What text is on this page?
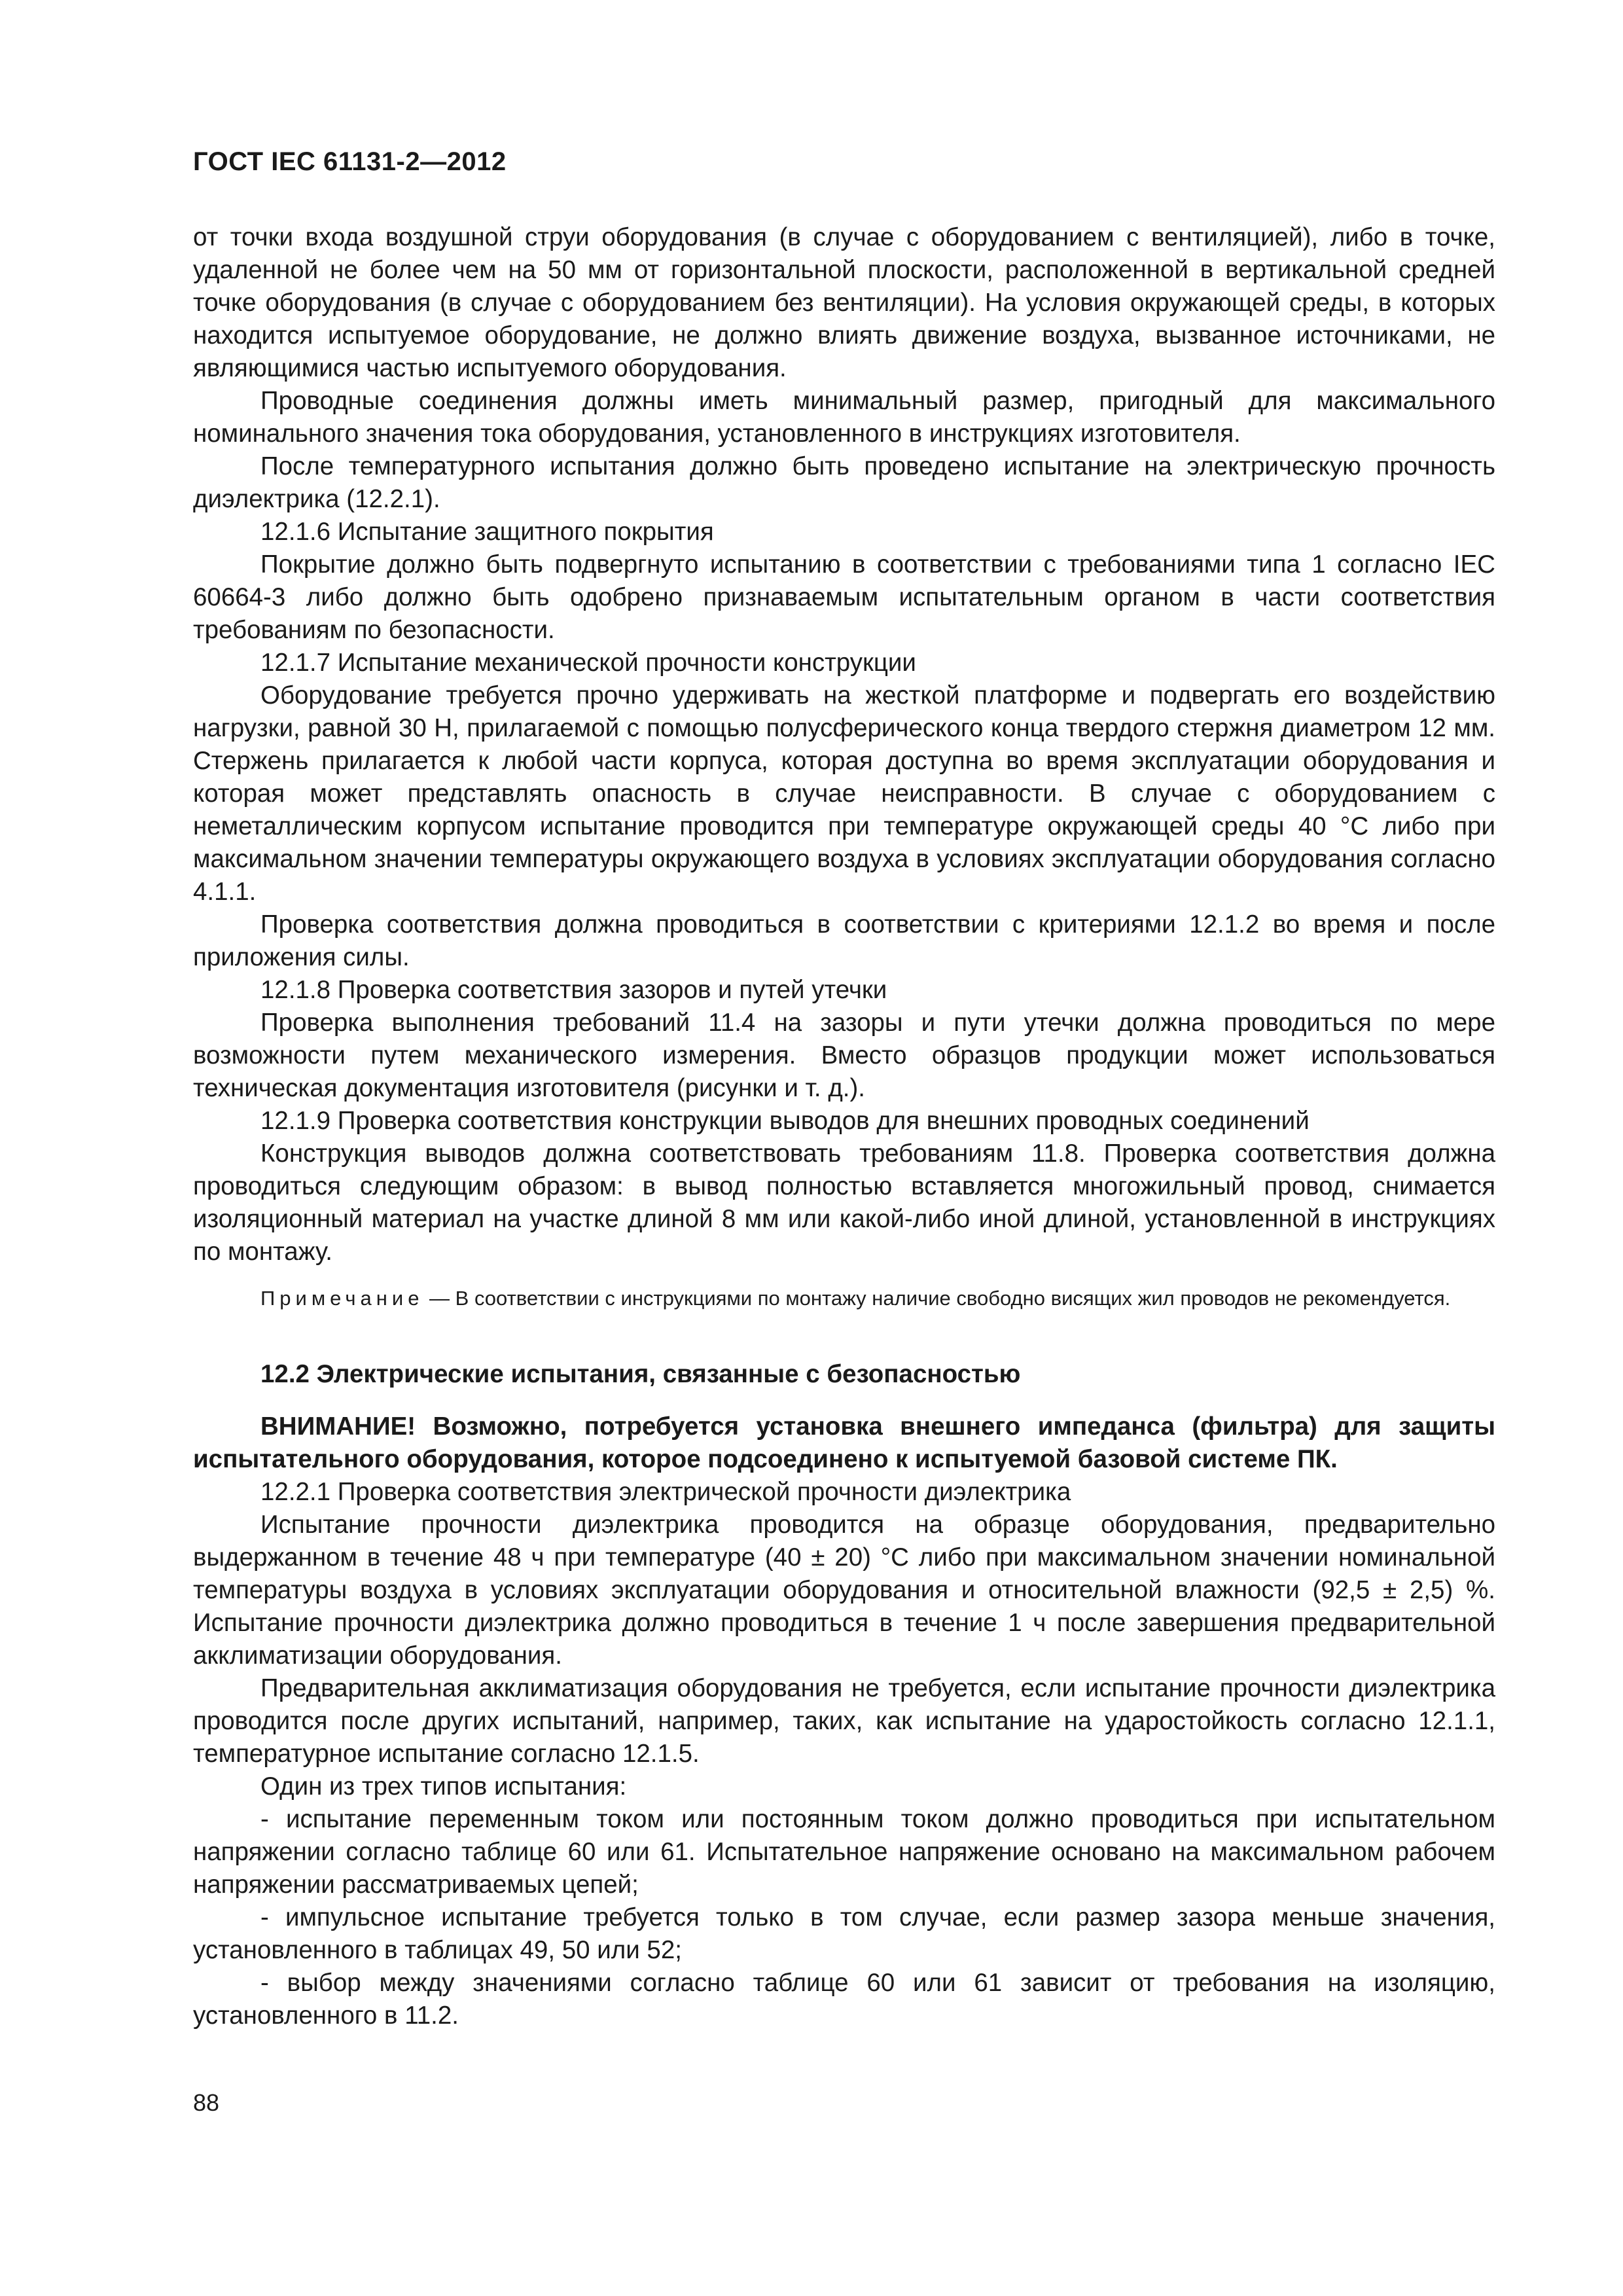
ГОСТ IEC 61131-2—2012

от точки входа воздушной струи оборудования (в случае с оборудованием с вентиляцией), либо в точке, удаленной не более чем на 50 мм от горизонтальной плоскости, расположенной в вертикальной средней точке оборудования (в случае с оборудованием без вентиляции). На условия окружающей среды, в которых находится испытуемое оборудование, не должно влиять движение воздуха, вызванное источниками, не являющимися частью испытуемого оборудования.

Проводные соединения должны иметь минимальный размер, пригодный для максимального номинального значения тока оборудования, установленного в инструкциях изготовителя.

После температурного испытания должно быть проведено испытание на электрическую прочность диэлектрика (12.2.1).

12.1.6 Испытание защитного покрытия

Покрытие должно быть подвергнуто испытанию в соответствии с требованиями типа 1 согласно IEC 60664-3 либо должно быть одобрено признаваемым испытательным органом в части соответствия требованиям по безопасности.

12.1.7 Испытание механической прочности конструкции

Оборудование требуется прочно удерживать на жесткой платформе и подвергать его воздействию нагрузки, равной 30 Н, прилагаемой с помощью полусферического конца твердого стержня диаметром 12 мм. Стержень прилагается к любой части корпуса, которая доступна во время эксплуатации оборудования и которая может представлять опасность в случае неисправности. В случае с оборудованием с неметаллическим корпусом испытание проводится при температуре окружающей среды 40 °С либо при максимальном значении температуры окружающего воздуха в условиях эксплуатации оборудования согласно 4.1.1.

Проверка соответствия должна проводиться в соответствии с критериями 12.1.2 во время и после приложения силы.

12.1.8 Проверка соответствия зазоров и путей утечки

Проверка выполнения требований 11.4 на зазоры и пути утечки должна проводиться по мере возможности путем механического измерения. Вместо образцов продукции может использоваться техническая документация изготовителя (рисунки и т. д.).

12.1.9 Проверка соответствия конструкции выводов для внешних проводных соединений

Конструкция выводов должна соответствовать требованиям 11.8. Проверка соответствия должна проводиться следующим образом: в вывод полностью вставляется многожильный провод, снимается изоляционный материал на участке длиной 8 мм или какой-либо иной длиной, установленной в инструкциях по монтажу.

Примечание — В соответствии с инструкциями по монтажу наличие свободно висящих жил проводов не рекомендуется.

12.2 Электрические испытания, связанные с безопасностью

ВНИМАНИЕ! Возможно, потребуется установка внешнего импеданса (фильтра) для защиты испытательного оборудования, которое подсоединено к испытуемой базовой системе ПК.

12.2.1 Проверка соответствия электрической прочности диэлектрика

Испытание прочности диэлектрика проводится на образце оборудования, предварительно выдержанном в течение 48 ч при температуре (40 ± 20) °С либо при максимальном значении номинальной температуры воздуха в условиях эксплуатации оборудования и относительной влажности (92,5 ± 2,5) %. Испытание прочности диэлектрика должно проводиться в течение 1 ч после завершения предварительной акклиматизации оборудования.

Предварительная акклиматизация оборудования не требуется, если испытание прочности диэлектрика проводится после других испытаний, например, таких, как испытание на ударостойкость согласно 12.1.1, температурное испытание согласно 12.1.5.

Один из трех типов испытания:

- испытание переменным током или постоянным током должно проводиться при испытательном напряжении согласно таблице 60 или 61. Испытательное напряжение основано на максимальном рабочем напряжении рассматриваемых цепей;

- импульсное испытание требуется только в том случае, если размер зазора меньше значения, установленного в таблицах 49, 50 или 52;

- выбор между значениями согласно таблице 60 или 61 зависит от требования на изоляцию, установленного в 11.2.

88
